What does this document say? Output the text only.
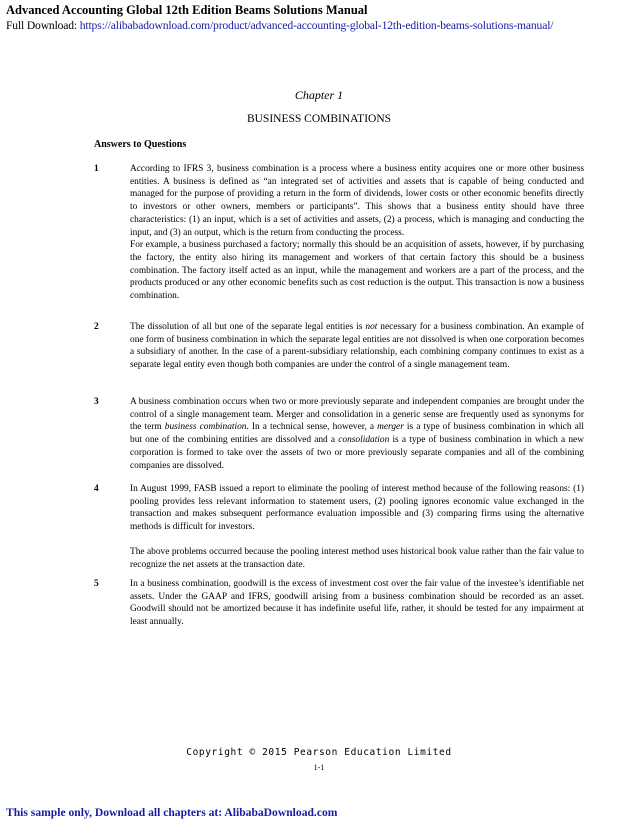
Advanced Accounting Global 12th Edition Beams Solutions Manual
Full Download: https://alibabadownload.com/product/advanced-accounting-global-12th-edition-beams-solutions-manual/
Chapter 1
BUSINESS COMBINATIONS
Answers to Questions
1	According to IFRS 3, business combination is a process where a business entity acquires one or more other business entities. A business is defined as “an integrated set of activities and assets that is capable of being conducted and managed for the purpose of providing a return in the form of dividends, lower costs or other economic benefits directly to investors or other owners, members or participants”. This shows that a business entity should have three characteristics: (1) an input, which is a set of activities and assets, (2) a process, which is managing and conducting the input, and (3) an output, which is the return from conducting the process.

For example, a business purchased a factory; normally this should be an acquisition of assets, however, if by purchasing the factory, the entity also hiring its management and workers of that certain factory this should be a business combination. The factory itself acted as an input, while the management and workers are a part of the process, and the products produced or any other economic benefits such as cost reduction is the output. This transaction is now a business combination.

2	The dissolution of all but one of the separate legal entities is not necessary for a business combination. An example of one form of business combination in which the separate legal entities are not dissolved is when one corporation becomes a subsidiary of another. In the case of a parent-subsidiary relationship, each combining company continues to exist as a separate legal entity even though both companies are under the control of a single management team.

3	A business combination occurs when two or more previously separate and independent companies are brought under the control of a single management team. Merger and consolidation in a generic sense are frequently used as synonyms for the term business combination. In a technical sense, however, a merger is a type of business combination in which all but one of the combining entities are dissolved and a consolidation is a type of business combination in which a new corporation is formed to take over the assets of two or more previously separate companies and all of the combining companies are dissolved.

4	In August 1999, FASB issued a report to eliminate the pooling of interest method because of the following reasons: (1) pooling provides less relevant information to statement users, (2) pooling ignores economic value exchanged in the transaction and makes subsequent performance evaluation impossible and (3) comparing firms using the alternative methods is difficult for investors.

The above problems occurred because the pooling interest method uses historical book value rather than the fair value to recognize the net assets at the transaction date.

5	In a business combination, goodwill is the excess of investment cost over the fair value of the investee’s identifiable net assets. Under the GAAP and IFRS, goodwill arising from a business combination should be recorded as an asset. Goodwill should not be amortized because it has indefinite useful life, rather, it should be tested for any impairment at least annually.

Copyright © 2015 Pearson Education Limited
1-1
This sample only, Download all chapters at: AlibabaDownload.com
